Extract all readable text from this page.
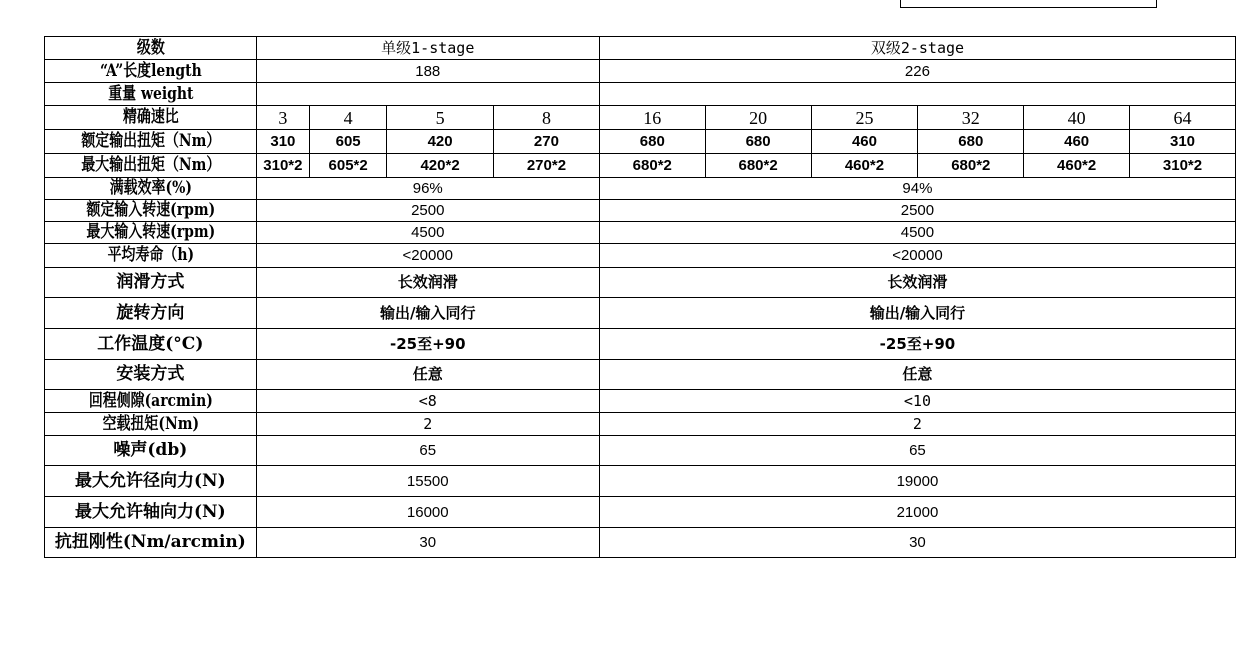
级数	单级1-stage				双级2-stage					
“A”长度length	188				226					
重量 weight										
精确速比	3	4	5	8	16	20	25	32	40	64
额定输出扭矩（Nm）	310	605	420	270	680	680	460	680	460	310
最大输出扭矩（Nm）	310*2	605*2	420*2	270*2	680*2	680*2	460*2	680*2	460*2	310*2
满载效率(%)	96%				94%					
额定输入转速(rpm)	2500				2500					
最大输入转速(rpm)	4500				4500					
平均寿命（h)	<20000				<20000					
润滑方式	长效润滑				长效润滑					
旋转方向	输出/输入同行				输出/输入同行					
工作温度(°C)	-25至+90				-25至+90					
安装方式	任意				任意					
回程侧隙(arcmin)	<8				<10					
空载扭矩(Nm)	2				2					
噪声(db)	65				65					
最大允许径向力(N)	15500				19000					
最大允许轴向力(N)	16000				21000					
抗扭刚性(Nm/arcmin)	30				30					
